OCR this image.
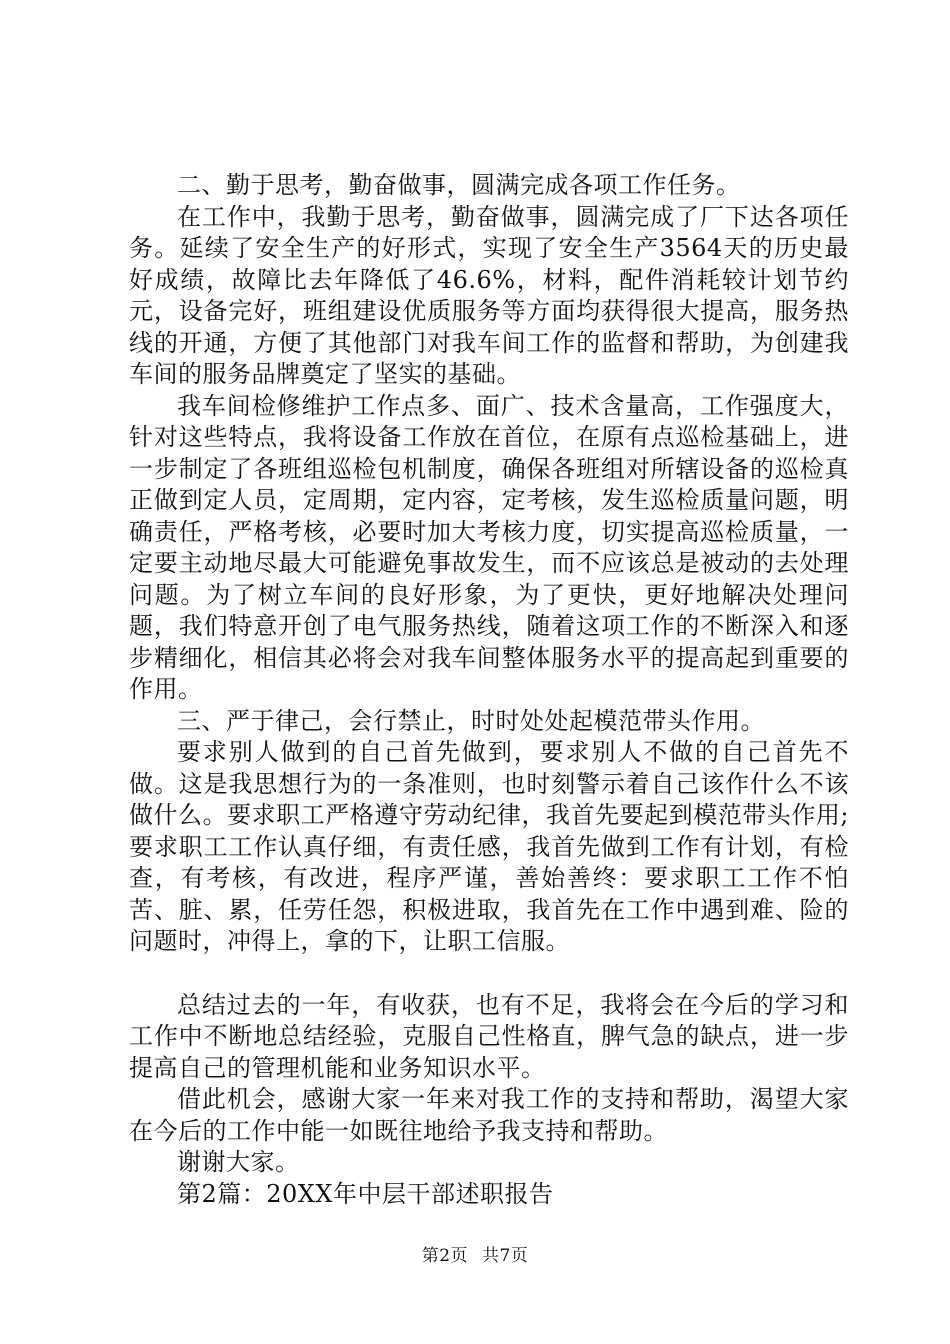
二、勤于思考，勤奋做事，圆满完成各项工作任务。

在工作中，我勤于思考，勤奋做事，圆满完成了厂下达各项任务。延续了安全生产的好形式，实现了安全生产3564天的历史最好成绩，故障比去年降低了46.6%，材料，配件消耗较计划节约元，设备完好，班组建设优质服务等方面均获得很大提高，服务热线的开通，方便了其他部门对我车间工作的监督和帮助，为创建我车间的服务品牌奠定了坚实的基础。

我车间检修维护工作点多、面广、技术含量高，工作强度大，针对这些特点，我将设备工作放在首位，在原有点巡检基础上，进一步制定了各班组巡检包机制度，确保各班组对所辖设备的巡检真正做到定人员，定周期，定内容，定考核，发生巡检质量问题，明确责任，严格考核，必要时加大考核力度，切实提高巡检质量，一定要主动地尽最大可能避免事故发生，而不应该总是被动的去处理问题。为了树立车间的良好形象，为了更快，更好地解决处理问题，我们特意开创了电气服务热线，随着这项工作的不断深入和逐步精细化，相信其必将会对我车间整体服务水平的提高起到重要的作用。

三、严于律己，会行禁止，时时处处起模范带头作用。

要求别人做到的自己首先做到，要求别人不做的自己首先不做。这是我思想行为的一条准则，也时刻警示着自己该作什么不该做什么。要求职工严格遵守劳动纪律，我首先要起到模范带头作用;要求职工工作认真仔细，有责任感，我首先做到工作有计划，有检查，有考核，有改进，程序严谨，善始善终：要求职工工作不怕苦、脏、累，任劳任怨，积极进取，我首先在工作中遇到难、险的问题时，冲得上，拿的下，让职工信服。

总结过去的一年，有收获，也有不足，我将会在今后的学习和工作中不断地总结经验，克服自己性格直，脾气急的缺点，进一步提高自己的管理机能和业务知识水平。

借此机会，感谢大家一年来对我工作的支持和帮助，渴望大家在今后的工作中能一如既往地给予我支持和帮助。

谢谢大家。

第2篇：20XX年中层干部述职报告

第2页 共7页
